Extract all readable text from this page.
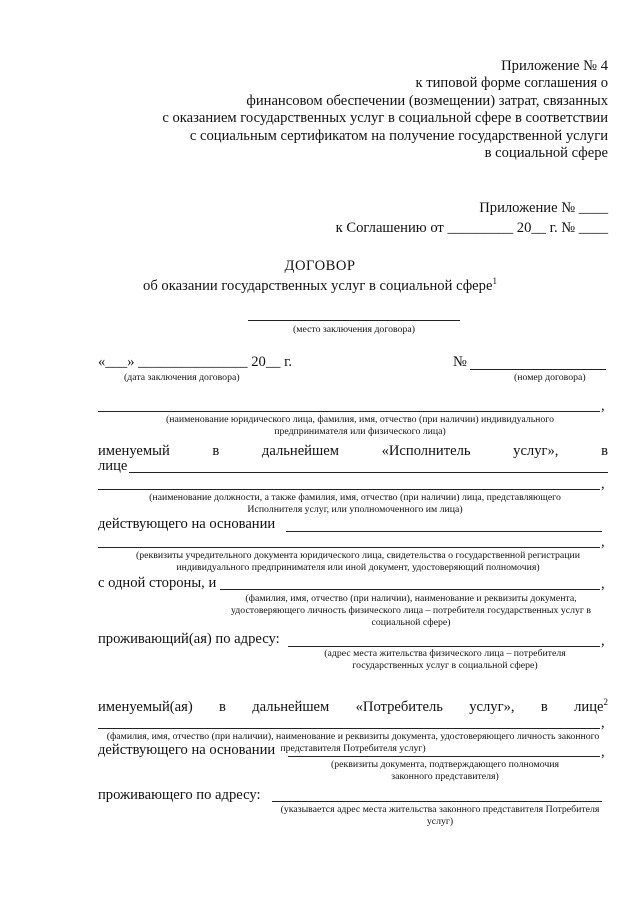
Приложение № 4
к типовой форме соглашения о
финансовом обеспечении (возмещении) затрат, связанных
с оказанием государственных услуг в социальной сфере в соответствии
с социальным сертификатом на получение государственной услуги
в социальной сфере
Приложение № ____
к Соглашению от _________ 20__ г. № ____
ДОГОВОР
об оказании государственных услуг в социальной сфере$^1$
(место заключения договора)
«___» _______________ 20__ г.
(дата заключения договора)
№
(номер договора)
,
(наименование юридического лица, фамилия, имя, отчество (при наличии) индивидуального предпринимателя или физического лица)
именуемый	в	дальнейшем	«Исполнитель	услуг»,	в
лице
,
(наименование должности, а также фамилия, имя, отчество (при наличии) лица, представляющего Исполнителя услуг, или уполномоченного им лица)
действующего на основании
,
(реквизиты учредительного документа юридического лица, свидетельства о государственной регистрации индивидуального предпринимателя или иной документ, удостоверяющий полномочия)
с одной стороны, и	,
(фамилия, имя, отчество (при наличии), наименование и реквизиты документа, удостоверяющего личность физического лица – потребителя государственных услуг в социальной сфере)
проживающий(ая) по адресу:	,
(адрес места жительства физического лица – потребителя государственных услуг в социальной сфере)
именуемый(ая) в дальнейшем «Потребитель услуг», в лице$^2$
,
(фамилия, имя, отчество (при наличии), наименование и реквизиты документа, удостоверяющего личность законного представителя Потребителя услуг)
действующего на основании	,
(реквизиты документа, подтверждающего полномочия законного представителя)
проживающего по адресу:
(указывается адрес места жительства законного представителя Потребителя услуг)
